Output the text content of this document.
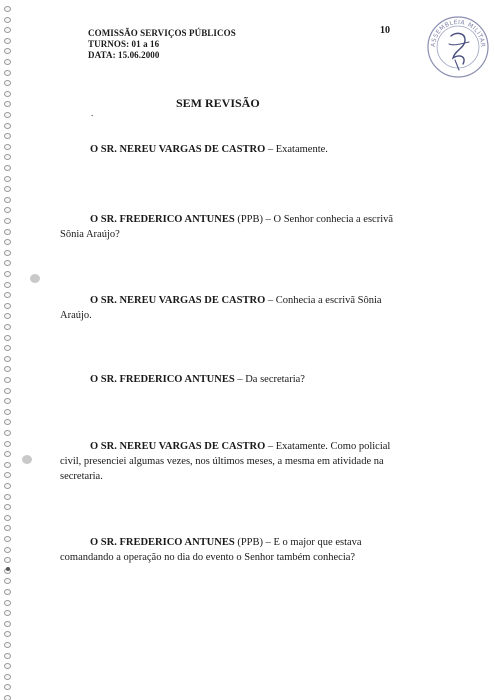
COMISSÃO SERVIÇOS PÚBLICOS
TURNOS: 01 a 16
DATA: 15.06.2000
10
ASSEMBLEIA MILITAR
.
SEM REVISÃO
O SR. NEREU VARGAS DE CASTRO – Exatamente.
O SR. FREDERICO ANTUNES (PPB) – O Senhor conhecia a escrivã Sônia Araújo?
O SR. NEREU VARGAS DE CASTRO – Conhecia a escrivã Sônia Araújo.
O SR. FREDERICO ANTUNES – Da secretaria?
O SR. NEREU VARGAS DE CASTRO – Exatamente. Como policial civil, presenciei algumas vezes, nos últimos meses, a mesma em atividade na secretaria.
O SR. FREDERICO ANTUNES (PPB) – E o major que estava comandando a operação no dia do evento o Senhor também conhecia?
